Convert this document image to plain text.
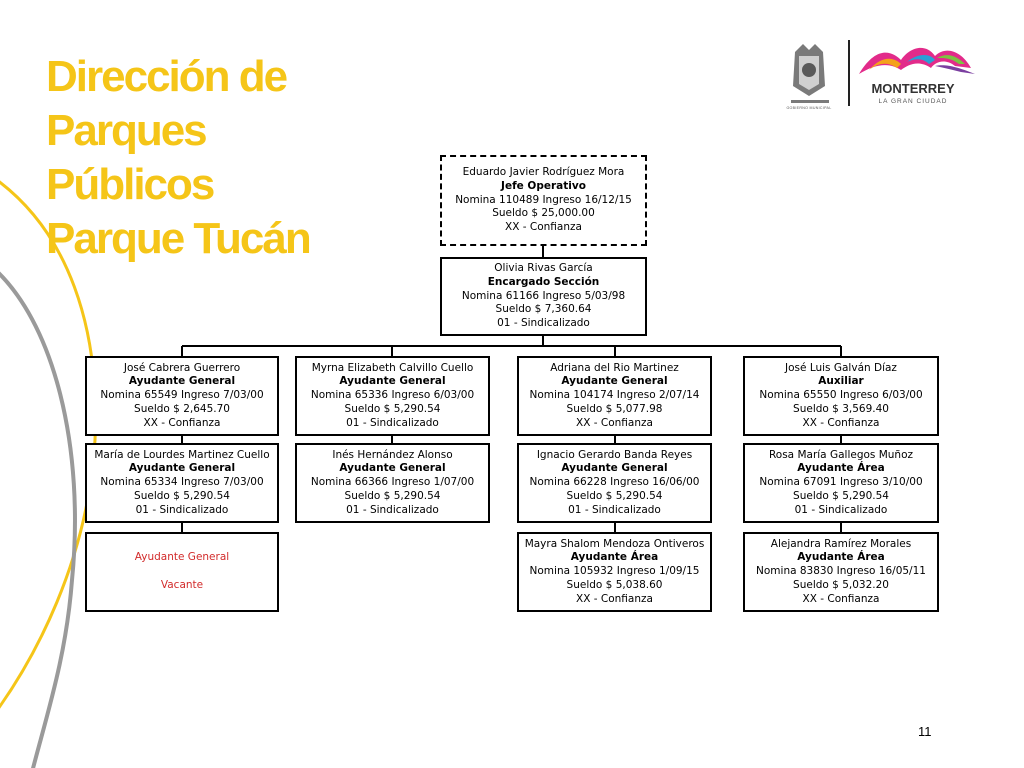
Dirección de
Parques
Públicos
Parque Tucán
MONTERREY
LA GRAN CIUDAD
GOBIERNO MUNICIPAL
Eduardo Javier Rodríguez Mora
Jefe Operativo
Nomina 110489 Ingreso 16/12/15
Sueldo $ 25,000.00
XX - Confianza
Olivia Rivas García
Encargado Sección
Nomina 61166 Ingreso 5/03/98
Sueldo $ 7,360.64
01 - Sindicalizado
José Cabrera Guerrero
Ayudante General
Nomina 65549 Ingreso 7/03/00
Sueldo $ 2,645.70
XX - Confianza
María de Lourdes Martinez Cuello
Ayudante General
Nomina 65334 Ingreso 7/03/00
Sueldo $ 5,290.54
01 - Sindicalizado
Ayudante General
Vacante
Myrna Elizabeth Calvillo Cuello
Ayudante General
Nomina 65336 Ingreso 6/03/00
Sueldo $ 5,290.54
01 - Sindicalizado
Inés Hernández Alonso
Ayudante General
Nomina 66366 Ingreso 1/07/00
Sueldo $ 5,290.54
01 - Sindicalizado
Adriana del Rio Martinez
Ayudante General
Nomina 104174 Ingreso 2/07/14
Sueldo $ 5,077.98
XX - Confianza
Ignacio Gerardo Banda Reyes
Ayudante General
Nomina 66228 Ingreso 16/06/00
Sueldo $ 5,290.54
01 - Sindicalizado
Mayra Shalom Mendoza Ontiveros
Ayudante Área
Nomina 105932 Ingreso 1/09/15
Sueldo $ 5,038.60
XX - Confianza
José Luis Galván Díaz
Auxiliar
Nomina 65550 Ingreso 6/03/00
Sueldo $ 3,569.40
XX - Confianza
Rosa María Gallegos Muñoz
Ayudante Área
Nomina 67091 Ingreso 3/10/00
Sueldo $ 5,290.54
01 - Sindicalizado
Alejandra Ramírez Morales
Ayudante Área
Nomina 83830 Ingreso 16/05/11
Sueldo $ 5,032.20
XX - Confianza
11
